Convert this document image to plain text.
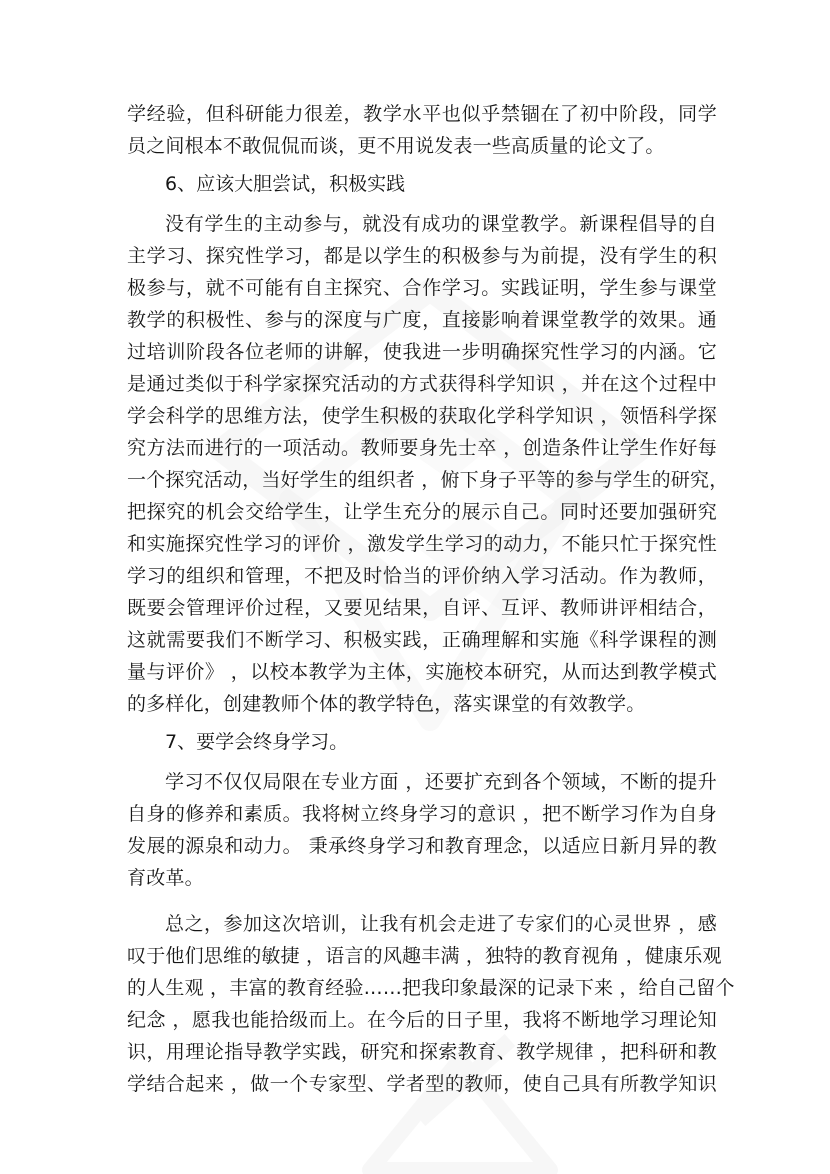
学经验，但科研能力很差，教学水平也似乎禁锢在了初中阶段，同学
员之间根本不敢侃侃而谈，更不用说发表一些高质量的论文了。
6、应该大胆尝试，积极实践
没有学生的主动参与，就没有成功的课堂教学。新课程倡导的自
主学习、探究性学习，都是以学生的积极参与为前提，没有学生的积
极参与，就不可能有自主探究、合作学习。实践证明，学生参与课堂
教学的积极性、参与的深度与广度，直接影响着课堂教学的效果。通
过培训阶段各位老师的讲解，使我进一步明确探究性学习的内涵。它
是通过类似于科学家探究活动的方式获得科学知识 ，并在这个过程中
学会科学的思维方法，使学生积极的获取化学科学知识 ，领悟科学探
究方法而进行的一项活动。教师要身先士卒 ，创造条件让学生作好每
一个探究活动，当好学生的组织者 ，俯下身子平等的参与学生的研究，
把探究的机会交给学生，让学生充分的展示自己。同时还要加强研究
和实施探究性学习的评价 ，激发学生学习的动力，不能只忙于探究性
学习的组织和管理，不把及时恰当的评价纳入学习活动。作为教师，
既要会管理评价过程，又要见结果，自评、互评、教师讲评相结合，
这就需要我们不断学习、积极实践，正确理解和实施《科学课程的测
量与评价》 ，以校本教学为主体，实施校本研究，从而达到教学模式
的多样化，创建教师个体的教学特色，落实课堂的有效教学。
7、要学会终身学习。
学习不仅仅局限在专业方面 ，还要扩充到各个领域，不断的提升
自身的修养和素质。我将树立终身学习的意识 ，把不断学习作为自身
发展的源泉和动力。 秉承终身学习和教育理念，以适应日新月异的教
育改革。
总之，参加这次培训，让我有机会走进了专家们的心灵世界 ，感
叹于他们思维的敏捷 ，语言的风趣丰满 ，独特的教育视角 ，健康乐观
的人生观 ，丰富的教育经验……把我印象最深的记录下来 ，给自己留个
纪念 ，愿我也能拾级而上。在今后的日子里，我将不断地学习理论知
识，用理论指导教学实践，研究和探索教育、教学规律 ，把科研和教
学结合起来 ，做一个专家型、学者型的教师，使自己具有所教学知识
